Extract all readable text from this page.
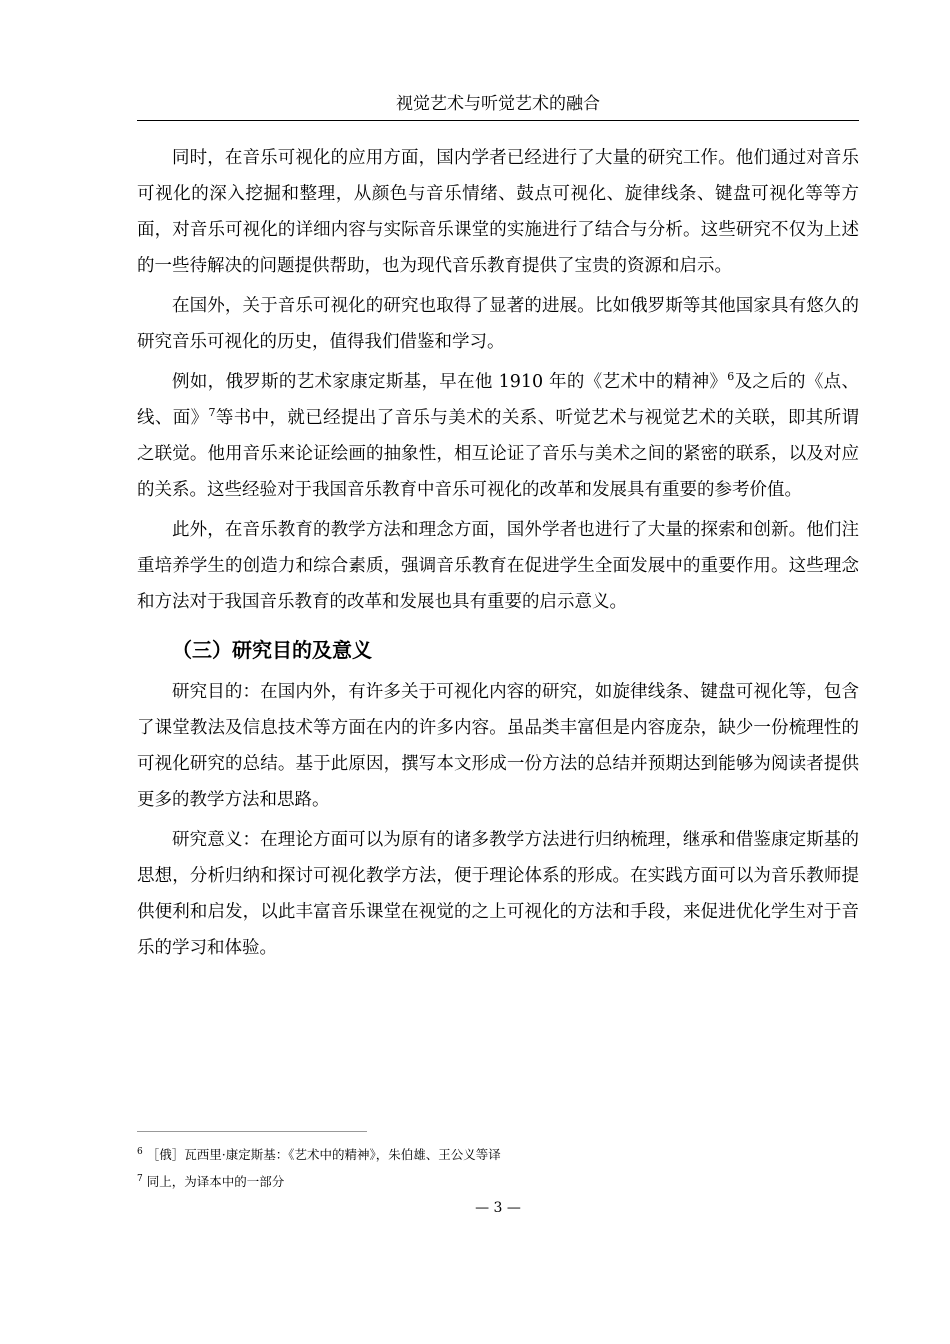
视觉艺术与听觉艺术的融合

同时，在音乐可视化的应用方面，国内学者已经进行了大量的研究工作。他们通过对音乐可视化的深入挖掘和整理，从颜色与音乐情绪、鼓点可视化、旋律线条、键盘可视化等等方面，对音乐可视化的详细内容与实际音乐课堂的实施进行了结合与分析。这些研究不仅为上述的一些待解决的问题提供帮助，也为现代音乐教育提供了宝贵的资源和启示。

在国外，关于音乐可视化的研究也取得了显著的进展。比如俄罗斯等其他国家具有悠久的研究音乐可视化的历史，值得我们借鉴和学习。

例如，俄罗斯的艺术家康定斯基，早在他 1910 年的《艺术中的精神》$^6$及之后的《点、线、面》$^7$等书中，就已经提出了音乐与美术的关系、听觉艺术与视觉艺术的关联，即其所谓之联觉。他用音乐来论证绘画的抽象性，相互论证了音乐与美术之间的紧密的联系，以及对应的关系。这些经验对于我国音乐教育中音乐可视化的改革和发展具有重要的参考价值。

此外，在音乐教育的教学方法和理念方面，国外学者也进行了大量的探索和创新。他们注重培养学生的创造力和综合素质，强调音乐教育在促进学生全面发展中的重要作用。这些理念和方法对于我国音乐教育的改革和发展也具有重要的启示意义。

（三）研究目的及意义

研究目的：在国内外，有许多关于可视化内容的研究，如旋律线条、键盘可视化等，包含了课堂教法及信息技术等方面在内的许多内容。虽品类丰富但是内容庞杂，缺少一份梳理性的可视化研究的总结。基于此原因，撰写本文形成一份方法的总结并预期达到能够为阅读者提供更多的教学方法和思路。

研究意义：在理论方面可以为原有的诸多教学方法进行归纳梳理，继承和借鉴康定斯基的思想，分析归纳和探讨可视化教学方法，便于理论体系的形成。在实践方面可以为音乐教师提供便利和启发，以此丰富音乐课堂在视觉的之上可视化的方法和手段，来促进优化学生对于音乐的学习和体验。

$^6$ ［俄］瓦西里·康定斯基：《艺术中的精神》，朱伯雄、王公义等译
$^7$ 同上，为译本中的一部分
— 3 —
